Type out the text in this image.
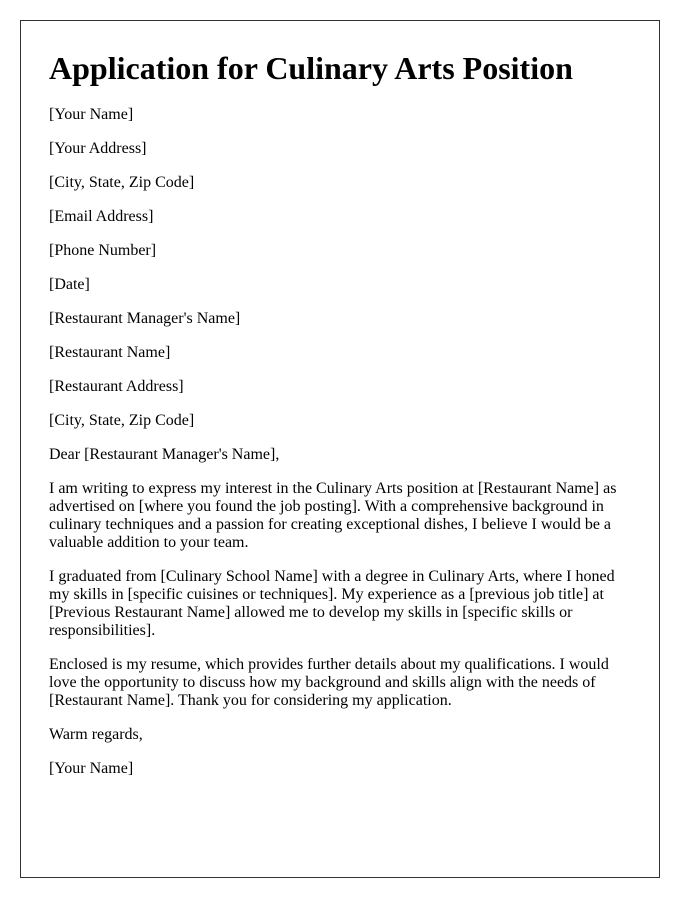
Application for Culinary Arts Position

[Your Name]

[Your Address]

[City, State, Zip Code]

[Email Address]

[Phone Number]

[Date]

[Restaurant Manager's Name]

[Restaurant Name]

[Restaurant Address]

[City, State, Zip Code]

Dear [Restaurant Manager's Name],

I am writing to express my interest in the Culinary Arts position at [Restaurant Name] as advertised on [where you found the job posting]. With a comprehensive background in culinary techniques and a passion for creating exceptional dishes, I believe I would be a valuable addition to your team.

I graduated from [Culinary School Name] with a degree in Culinary Arts, where I honed my skills in [specific cuisines or techniques]. My experience as a [previous job title] at [Previous Restaurant Name] allowed me to develop my skills in [specific skills or responsibilities].

Enclosed is my resume, which provides further details about my qualifications. I would love the opportunity to discuss how my background and skills align with the needs of [Restaurant Name]. Thank you for considering my application.

Warm regards,

[Your Name]
